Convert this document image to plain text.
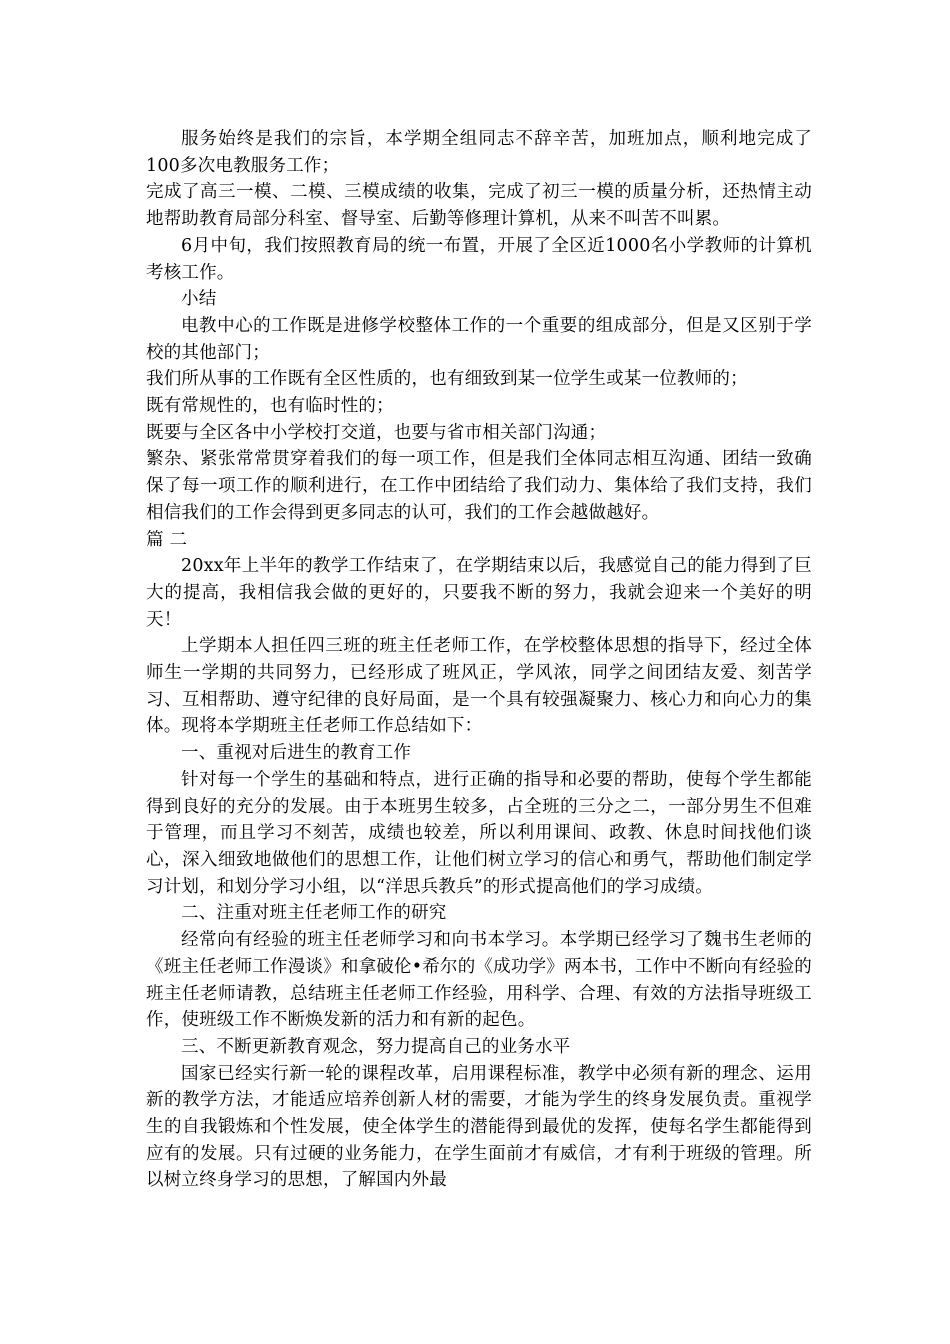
服务始终是我们的宗旨，本学期全组同志不辞辛苦，加班加点，顺利地完成了100多次电教服务工作；

完成了高三一模、二模、三模成绩的收集，完成了初三一模的质量分析，还热情主动地帮助教育局部分科室、督导室、后勤等修理计算机，从来不叫苦不叫累。

6月中旬，我们按照教育局的统一布置，开展了全区近1000名小学教师的计算机考核工作。

小结

电教中心的工作既是进修学校整体工作的一个重要的组成部分，但是又区别于学校的其他部门；

我们所从事的工作既有全区性质的，也有细致到某一位学生或某一位教师的；

既有常规性的，也有临时性的；

既要与全区各中小学校打交道，也要与省市相关部门沟通；

繁杂、紧张常常贯穿着我们的每一项工作，但是我们全体同志相互沟通、团结一致确保了每一项工作的顺利进行，在工作中团结给了我们动力、集体给了我们支持，我们相信我们的工作会得到更多同志的认可，我们的工作会越做越好。

篇 二

20xx年上半年的教学工作结束了，在学期结束以后，我感觉自己的能力得到了巨大的提高，我相信我会做的更好的，只要我不断的努力，我就会迎来一个美好的明天！

上学期本人担任四三班的班主任老师工作，在学校整体思想的指导下，经过全体师生一学期的共同努力，已经形成了班风正，学风浓，同学之间团结友爱、刻苦学习、互相帮助、遵守纪律的良好局面，是一个具有较强凝聚力、核心力和向心力的集体。现将本学期班主任老师工作总结如下：

一、重视对后进生的教育工作

针对每一个学生的基础和特点，进行正确的指导和必要的帮助，使每个学生都能得到良好的充分的发展。由于本班男生较多，占全班的三分之二，一部分男生不但难于管理，而且学习不刻苦，成绩也较差，所以利用课间、政教、休息时间找他们谈心，深入细致地做他们的思想工作，让他们树立学习的信心和勇气，帮助他们制定学习计划，和划分学习小组，以“洋思兵教兵”的形式提高他们的学习成绩。

二、注重对班主任老师工作的研究

经常向有经验的班主任老师学习和向书本学习。本学期已经学习了魏书生老师的《班主任老师工作漫谈》和拿破伦•希尔的《成功学》两本书，工作中不断向有经验的班主任老师请教，总结班主任老师工作经验，用科学、合理、有效的方法指导班级工作，使班级工作不断焕发新的活力和有新的起色。

三、不断更新教育观念，努力提高自己的业务水平

国家已经实行新一轮的课程改革，启用课程标准，教学中必须有新的理念、运用新的教学方法，才能适应培养创新人材的需要，才能为学生的终身发展负责。重视学生的自我锻炼和个性发展，使全体学生的潜能得到最优的发挥，使每名学生都能得到应有的发展。只有过硬的业务能力，在学生面前才有威信，才有利于班级的管理。所以树立终身学习的思想，了解国内外最
